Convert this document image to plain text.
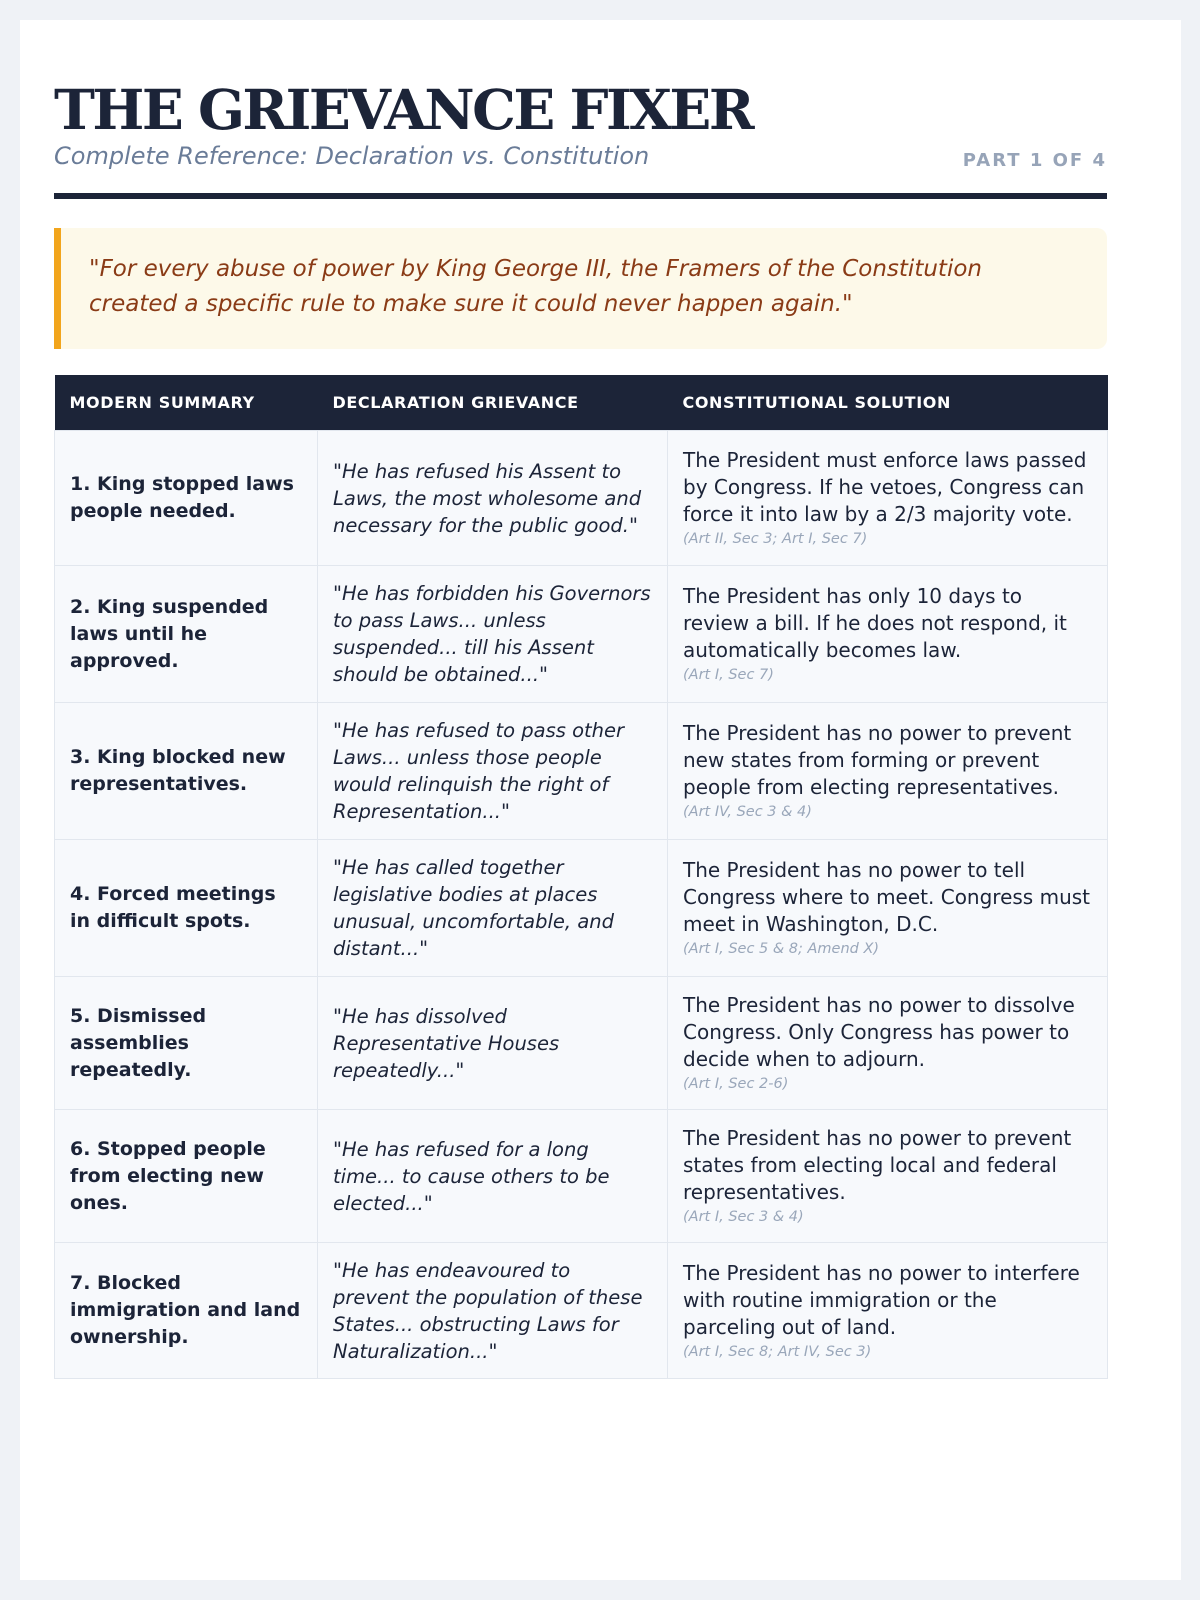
THE GRIEVANCE FIXER
Complete Reference: Declaration vs. Constitution	PART 1 OF 4
"For every abuse of power by King George III, the Framers of the Constitution created a specific rule to make sure it could never happen again."
MODERN SUMMARY	DECLARATION GRIEVANCE	CONSTITUTIONAL SOLUTION
1. King stopped laws people needed.	"He has refused his Assent to Laws, the most wholesome and necessary for the public good."	The President must enforce laws passed by Congress. If he vetoes, Congress can force it into law by a 2/3 majority vote.
(Art II, Sec 3; Art I, Sec 7)

2. King suspended laws until he approved.	"He has forbidden his Governors to pass Laws... unless suspended... till his Assent should be obtained..."	The President has only 10 days to review a bill. If he does not respond, it automatically becomes law.
(Art I, Sec 7)

3. King blocked new representatives.	"He has refused to pass other Laws... unless those people would relinquish the right of Representation..."	The President has no power to prevent new states from forming or prevent people from electing representatives.
(Art IV, Sec 3 & 4)

4. Forced meetings in difficult spots.	"He has called together legislative bodies at places unusual, uncomfortable, and distant..."	The President has no power to tell Congress where to meet. Congress must meet in Washington, D.C.
(Art I, Sec 5 & 8; Amend X)

5. Dismissed assemblies repeatedly.	"He has dissolved Representative Houses repeatedly..."	The President has no power to dissolve Congress. Only Congress has power to decide when to adjourn.
(Art I, Sec 2-6)

6. Stopped people from electing new ones.	"He has refused for a long time... to cause others to be elected..."	The President has no power to prevent states from electing local and federal representatives.
(Art I, Sec 3 & 4)

7. Blocked immigration and land ownership.	"He has endeavoured to prevent the population of these States... obstructing Laws for Naturalization..."	The President has no power to interfere with routine immigration or the parceling out of land.
(Art I, Sec 8; Art IV, Sec 3)
